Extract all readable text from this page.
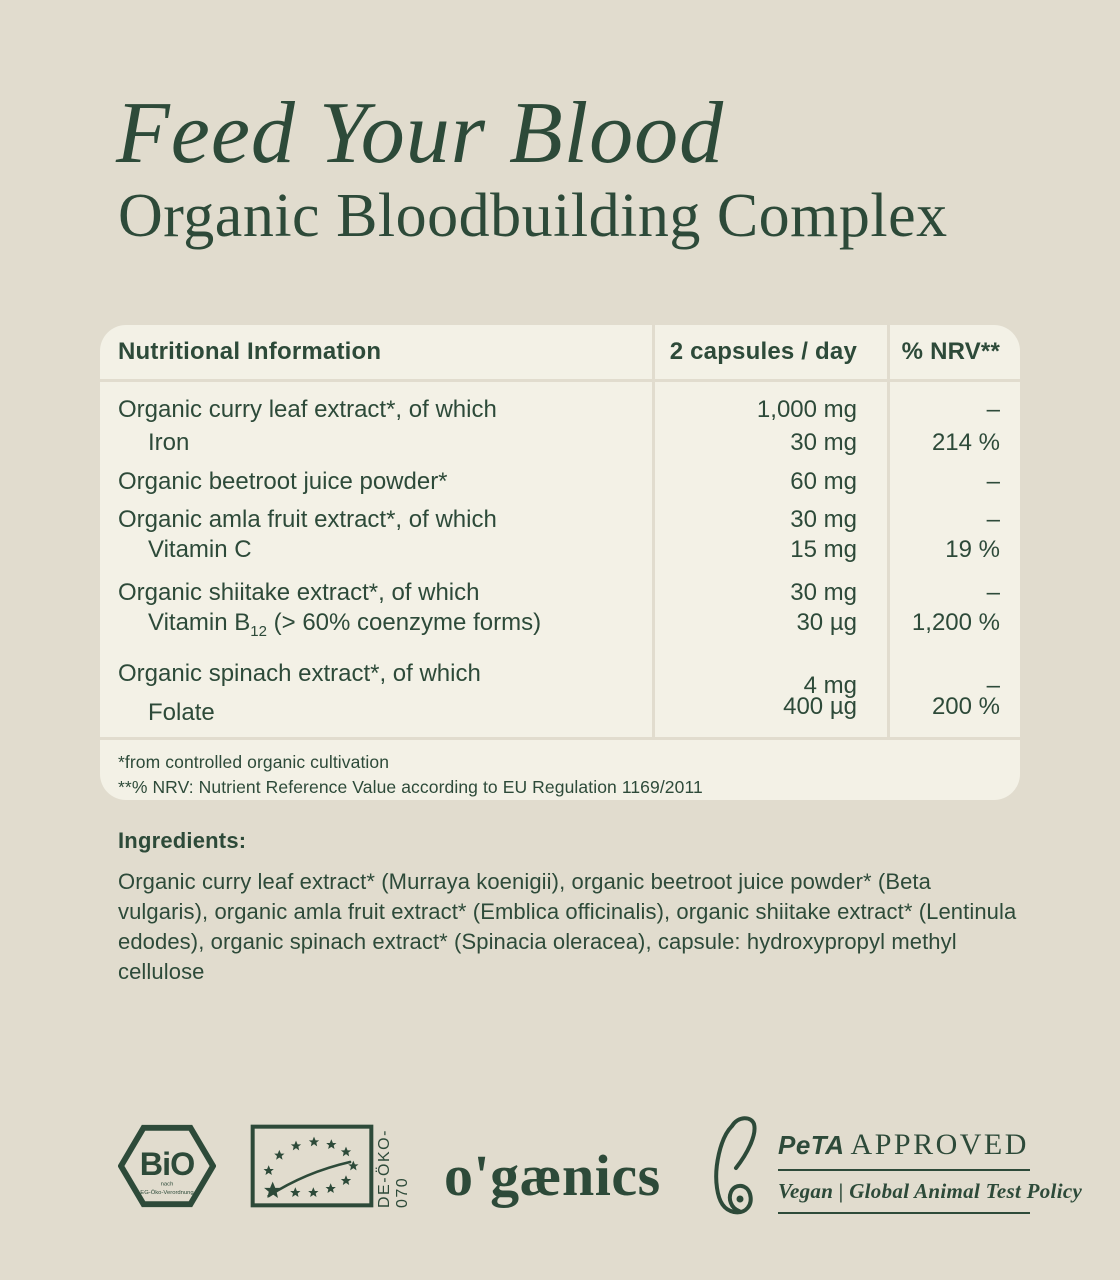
Feed Your Blood
Organic Bloodbuilding Complex
Nutritional Information	2 capsules / day	% NRV**
Organic curry leaf extract*, of which	1,000 mg	–
Iron	30 mg	214 %
Organic beetroot juice powder*	60 mg	–
Organic amla fruit extract*, of which	30 mg	–
Vitamin C	15 mg	19 %
Organic shiitake extract*, of which	30 mg	–
Vitamin $B_{12}$ (> 60% coenzyme forms)	30 µg	1,200 %
Organic spinach extract*, of which	4 mg	–
Folate	400 µg	200 %
*from controlled organic cultivation
**% NRV: Nutrient Reference Value according to EU Regulation 1169/2011
Ingredients:

Organic curry leaf extract* (Murraya koenigii), organic beetroot juice powder* (Beta vulgaris), organic amla fruit extract* (Emblica officinalis), organic shiitake extract* (Lentinula edodes), organic spinach extract* (Spinacia oleracea), capsule: hydroxypropyl methyl cellulose

BiO
nach
EG-Öko-Verordnung	DE-ÖKO-070 o'gænics	PeTA APPROVED
Vegan | Global Animal Test Policy
